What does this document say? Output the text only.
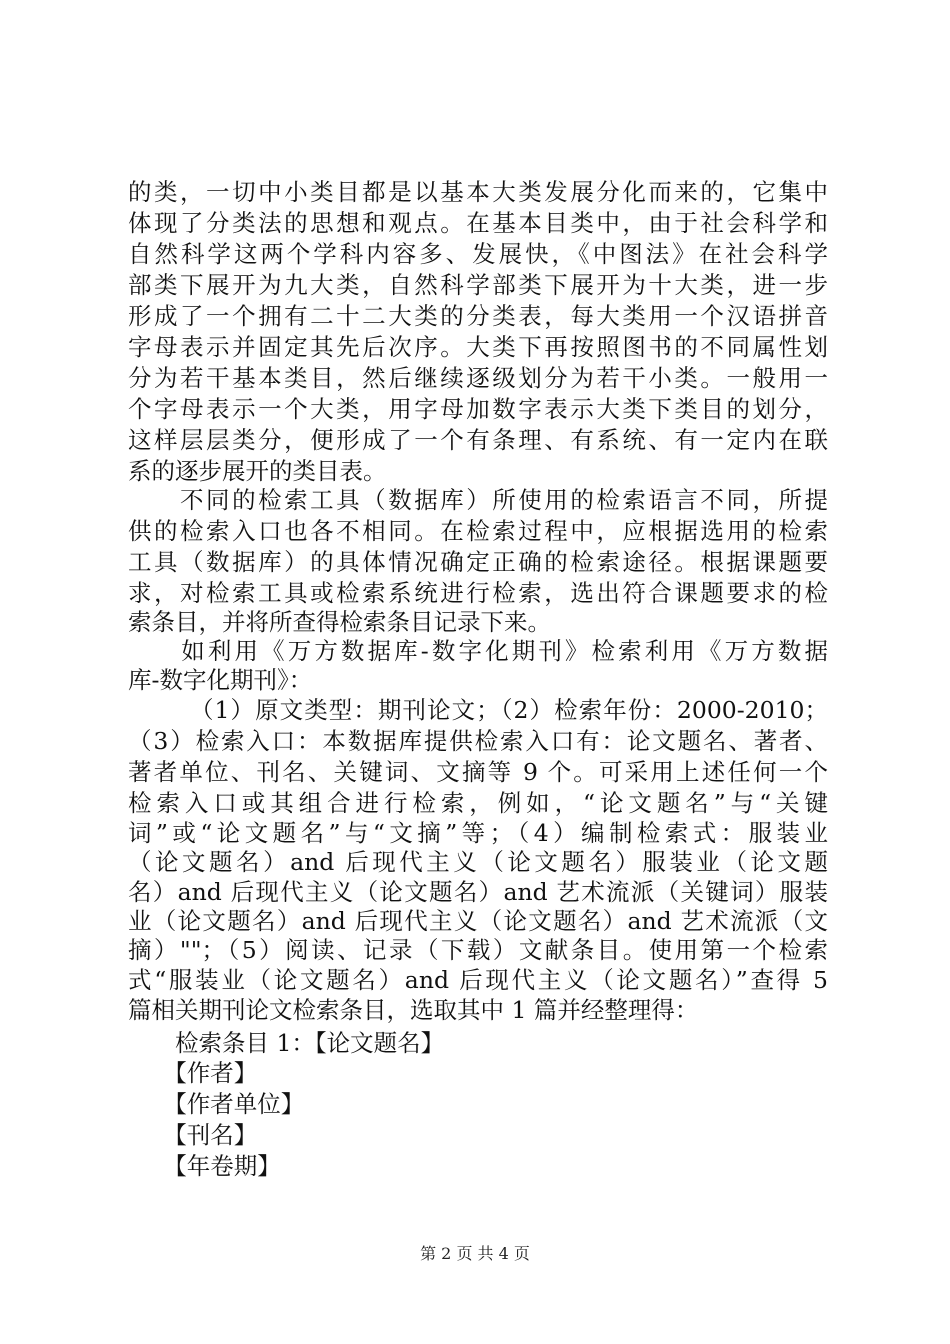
的类，一切中小类目都是以基本大类发展分化而来的，它集中
体现了分类法的思想和观点。在基本目类中，由于社会科学和
自然科学这两个学科内容多、发展快，《中图法》在社会科学
部类下展开为九大类，自然科学部类下展开为十大类，进一步
形成了一个拥有二十二大类的分类表，每大类用一个汉语拼音
字母表示并固定其先后次序。大类下再按照图书的不同属性划
分为若干基本类目，然后继续逐级划分为若干小类。一般用一
个字母表示一个大类，用字母加数字表示大类下类目的划分，
这样层层类分，便形成了一个有条理、有系统、有一定内在联
系的逐步展开的类目表。
　　不同的检索工具（数据库）所使用的检索语言不同，所提
供的检索入口也各不相同。在检索过程中，应根据选用的检索
工具（数据库）的具体情况确定正确的检索途径。根据课题要
求，对检索工具或检索系统进行检索，选出符合课题要求的检
索条目，并将所查得检索条目记录下来。
　　如利用《万方数据库-数字化期刊》检索利用《万方数据
库-数字化期刊》：
　　　（1）原文类型：期刊论文；（2）检索年份：2000-2010；
（3）检索入口：本数据库提供检索入口有：论文题名、著者、
著者单位、刊名、关键词、文摘等 9 个。可采用上述任何一个
检索入口或其组合进行检索，例如，“论文题名”与“关键
词”或“论文题名”与“文摘”等；（4）编制检索式：服装业
（论文题名）and 后现代主义（论文题名）服装业（论文题
名）and 后现代主义（论文题名）and 艺术流派（关键词）服装
业（论文题名）and 后现代主义（论文题名）and 艺术流派（文
摘）""；（5）阅读、记录（下载）文献条目。使用第一个检索
式“服装业（论文题名）and 后现代主义（论文题名）”查得 5
篇相关期刊论文检索条目，选取其中 1 篇并经整理得：
　　检索条目 1：【论文题名】
　　【作者】
　　【作者单位】
　　【刊名】
　　【年卷期】
第 2 页 共 4 页
